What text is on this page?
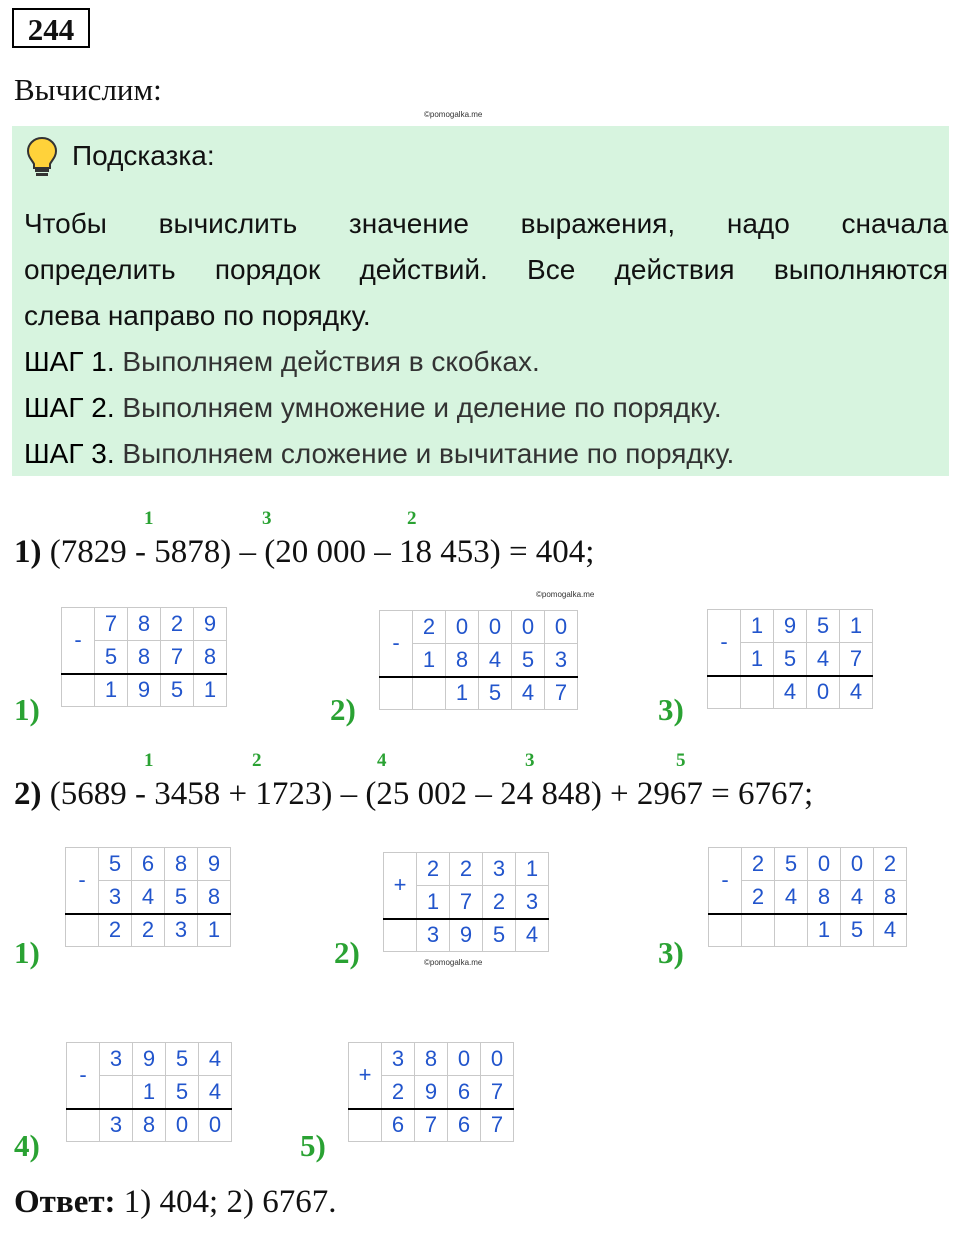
244
Вычислим:
©pomogalka.me
Подсказка:
Чтобы вычислить значение выражения, надо сначала
определить порядок действий. Все действия выполняются
слева направо по порядку.
ШАГ 1. Выполняем действия в скобках.
ШАГ 2. Выполняем умножение и деление по порядку.
ШАГ 3. Выполняем сложение и вычитание по порядку.
1	3	2
1) (7829 - 5878) – (20 000 – 18 453) = 404;
©pomogalka.me
1)
-	7	8	2	9
	5	8	7	8
	1	9	5	1
2)
-	2	0	0	0	0
	1	8	4	5	3
		1	5	4	7	3)
-	1	9	5	1
	1	5	4	7
		4	0	4
1	2	4	3	5
2) (5689 - 3458 + 1723) – (25 002 – 24 848) + 2967 = 6767;
1)
-	5	6	8	9
	3	4	5	8
	2	2	3	1
2)
+	2	2	3	1
	1	7	2	3
	3	9	5	4
©pomogalka.me	3)
-	2	5	0	0	2
	2	4	8	4	8
			1	5	4
4)
-	3	9	5	4
		1	5	4
	3	8	0	0
5)
+	3	8	0	0
	2	9	6	7
	6	7	6	7
Ответ: 1) 404; 2) 6767.
